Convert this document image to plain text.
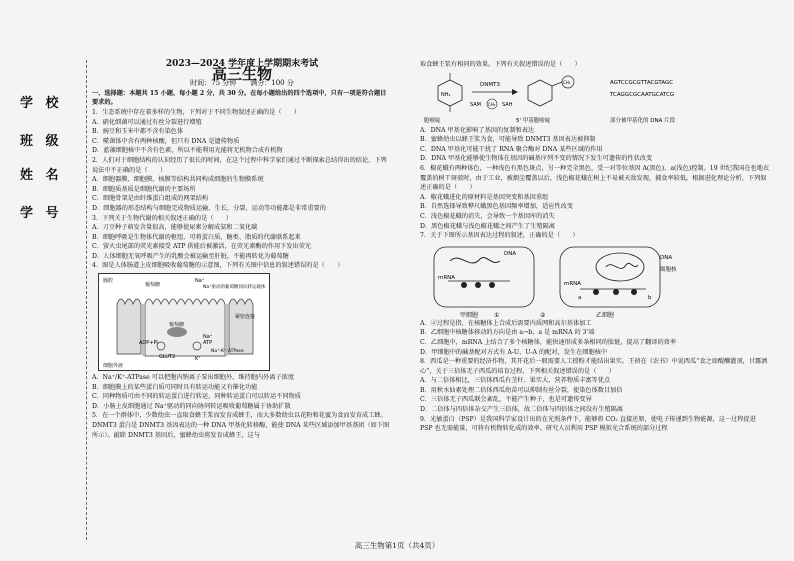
学 校
班 级
姓 名
学 号

2023—2024 学年度上学期期末考试

高三生物

时间：75 分钟　　满分：100 分

一、选择题：本题共 15 小题，每小题 2 分，共 30 分。在每小题给出的四个选项中，只有一项是符合题目要求的。

1．生态系统中存在着多样的生物，下列对于不同生物叙述正确的是（　　）

A．硝化细菌可以通过有丝分裂进行增殖

B．豌豆和玉米中都不含有染色体

C．噬菌体中含有两种核酸，但只有 DNA 是遗传物质

D．蓝藻细胞核中不含有色素，所以不能利用光能将无机物合成有机物

2．人们对于细胞结构的认识经历了很长的时间，在这个过程中科学家们通过不断探索总结得出的结论，下列说法中不正确的是（　　）

A．细胞器膜、细胞膜、核膜等结构共同构成细胞的生物膜系统

B．细胞质基质是细胞代谢的主要场所

C．细胞骨架是由纤维蛋白组成的网架结构

D．细胞器的形态结构与细胞完成物质运输、生长、分裂、运动等功能都是非常重要的

3．下列关于生物代谢的相关叙述正确的是（　　）

A．刀豆种子萌发含量很高，能够使尿素分解成氨和二氧化碳

B．细胞呼吸是生物体代谢的枢纽，可将蛋白质、糖类、脂质的代谢联系起来

C．萤火虫尾部的荧光素接受 ATP 供能后被激活，在荧光素酶的作用下发出荧光

D．人体细胞无氧呼吸产生的乳酸会被运输至肝脏，不能再转化为葡萄糖

4．图是人体肠道上皮细胞吸收葡萄糖的示意图，下列有关图中信息的叙述错误的是（　　）

肠腔
葡萄糖
Na⁺
Na⁺驱动的葡萄糖同向转运载体
紧密连接
葡萄糖
ADP+Pi	ATP
Na⁺-K⁺ ATPase
GLUT2	K⁺
Na⁺
细胞外液

A．Na⁺/K⁺-ATPase 可以把胞内钠离子泵出细胞外，维持胞内外离子浓度

B．细胞膜上的某些蛋白质可同时具有转运功能又有催化功能

C．同种物质可由不同的转运蛋白进行转运，同种转运蛋白可以转运不同物质

D．小肠上皮细胞通过 Na⁺驱动的同向协同转运吸收葡萄糖属于协助扩散

5．在一个群体中，少数幼虫一直取食蜂王浆而发育成蜂王，而大多数幼虫以花粉和花蜜为食而发育成工蜂。DNMT3 蛋白是 DNMT3 基因表达的一种 DNA 甲基化转移酶，能使 DNA 某些区域添加甲基基团（如下图所示）。敲除 DNMT3 基因后，蜜蜂幼虫将发育成蜂王，这与

取食蜂王浆有相同的效果。下列有关叙述错误的是（　　）

NH₂
DNMT3
SAM CH₃ SAH
CH₃
胞嘧啶	5' 甲基胞嘧啶
AGTCCGCGTTACGTAGC
TCAGGCGCAATGCATCG
部分被甲基化的 DNA 片段

A．DNA 甲基化影响了基因的复制和表达

B．蜜蜂幼虫以蜂王浆为食，可能导致 DNMT3 基因表达被抑制

C．DNA 甲基化可能干扰了 RNA 聚合酶对 DNA 某些区域的作用

D．DNA 甲基化能够使生物体在基因的碱基序列不变的情况下发生可遗传的性状改变

6．椒花蛾有两种体色，一种浅色有黑色斑点，另一种完全黑色，受一对等位基因 A(黑色)、a(浅色)控制。19 世纪我国在也地衣覆盖的树干斑驳时，由于工业，被烟尘覆盖以后，浅色椒花蛾在树上不易被天敌发现，捕食率较低。根据进化理论分析，下列叙述正确的是（　　）

A．椒花蛾进化的原材料是基因突变和基因重组

B．自然选择导致桦尺蛾黑色基因频率增加，适应性改变

C．浅色椒花蛾的消失，会导致一个基因库的消失

D．黑色椒花蛾与浅色椒花蛾之间产生了生殖隔离

7．关于下图所示基因表达过程的叙述，正确的是（　　）

DNA
mRNA
甲细胞	①	②
DNA
细胞核
mRNA
a	b
乙细胞

A．②过程是指，在核糖体上合成后需要内质网和高尔基体加工

B．乙细胞中核糖体移动的方向是由 a→b，a 是 mRNA 的 3'端

C．乙细胞中，mRNA 上结合了多个核糖体，能快速形成多条相同的肽链，提高了翻译的效率

D．甲细胞中的碱基配对方式有 A-U、U-A 的配对，发生在细胞核中

8．西瓜是一种重要的经济作物，其开花后一般需要人工授粉才能结出果实。王祯在《农书》中说西瓜“食之如醍醐灌顶，甘露洒心”，关于三倍体无子西瓜的培育过程，下列相关叙述错误的是（　　）

A．与二倍体相比，三倍体西瓜有茎秆、果实大、营养物质丰富等优点

B．用秋水仙素处理二倍体西瓜幼苗可以抑制有丝分裂，使染色体数目加倍

C．三倍体无子西瓜联会紊乱，不能产生种子，也是可遗传变异

D．二倍体与四倍体杂交产生三倍体，故二倍体与四倍体之间没有生殖隔离

9．光敏蛋白（PSP）是我国科学家设计出的在光照条件下，能够将 CO₂ 直接还原，使电子传递到生物能源，这一过程促进 PSP 也无需能量，可将有机物转化成的效率。研究人员利用 PSP 模拟光合系统的部分过程

高三生物第1页（共4页）
